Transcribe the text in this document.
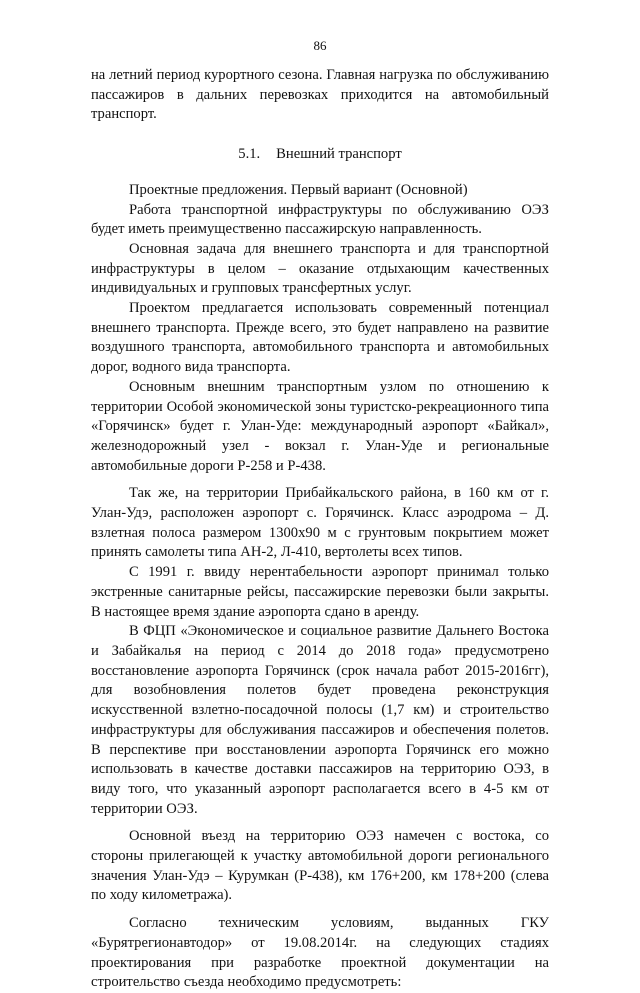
86

на летний период курортного сезона. Главная нагрузка по обслуживанию пассажиров в дальних перевозках приходится на автомобильный транспорт.

5.1. Внешний транспорт

Проектные предложения. Первый вариант (Основной)

Работа транспортной инфраструктуры по обслуживанию ОЭЗ будет иметь преимущественно пассажирскую направленность.

Основная задача для внешнего транспорта и для транспортной инфраструктуры в целом – оказание отдыхающим качественных индивидуальных и групповых трансфертных услуг.

Проектом предлагается использовать современный потенциал внешнего транспорта. Прежде всего, это будет направлено на развитие воздушного транспорта, автомобильного транспорта и автомобильных дорог, водного вида транспорта.

Основным внешним транспортным узлом по отношению к территории Особой экономической зоны туристско-рекреационного типа «Горячинск» будет г. Улан-Уде: международный аэропорт «Байкал», железнодорожный узел - вокзал г. Улан-Уде и региональные автомобильные дороги Р-258 и Р-438.

Так же, на территории Прибайкальского района, в 160 км от г. Улан-Удэ, расположен аэропорт с. Горячинск. Класс аэродрома – Д. взлетная полоса размером 1300х90 м с грунтовым покрытием может принять самолеты типа АН-2, Л-410, вертолеты всех типов.

С 1991 г. ввиду нерентабельности аэропорт принимал только экстренные санитарные рейсы, пассажирские перевозки были закрыты. В настоящее время здание аэропорта сдано в аренду.

В ФЦП «Экономическое и социальное развитие Дальнего Востока и Забайкалья на период с 2014 до 2018 года» предусмотрено восстановление аэропорта Горячинск (срок начала работ 2015-2016гг), для возобновления полетов будет проведена реконструкция искусственной взлетно-посадочной полосы (1,7 км) и строительство инфраструктуры для обслуживания пассажиров и обеспечения полетов. В перспективе при восстановлении аэропорта Горячинск его можно использовать в качестве доставки пассажиров на территорию ОЭЗ, в виду того, что указанный аэропорт располагается всего в 4-5 км от территории ОЭЗ.

Основной въезд на территорию ОЭЗ намечен с востока, со стороны прилегающей к участку автомобильной дороги регионального значения Улан-Удэ – Курумкан (Р-438), км 176+200, км 178+200 (слева по ходу километража).

Согласно техническим условиям, выданных ГКУ «Бурятрегионавтодор» от 19.08.2014г. на следующих стадиях проектирования при разработке проектной документации на строительство съезда необходимо предусмотреть:
